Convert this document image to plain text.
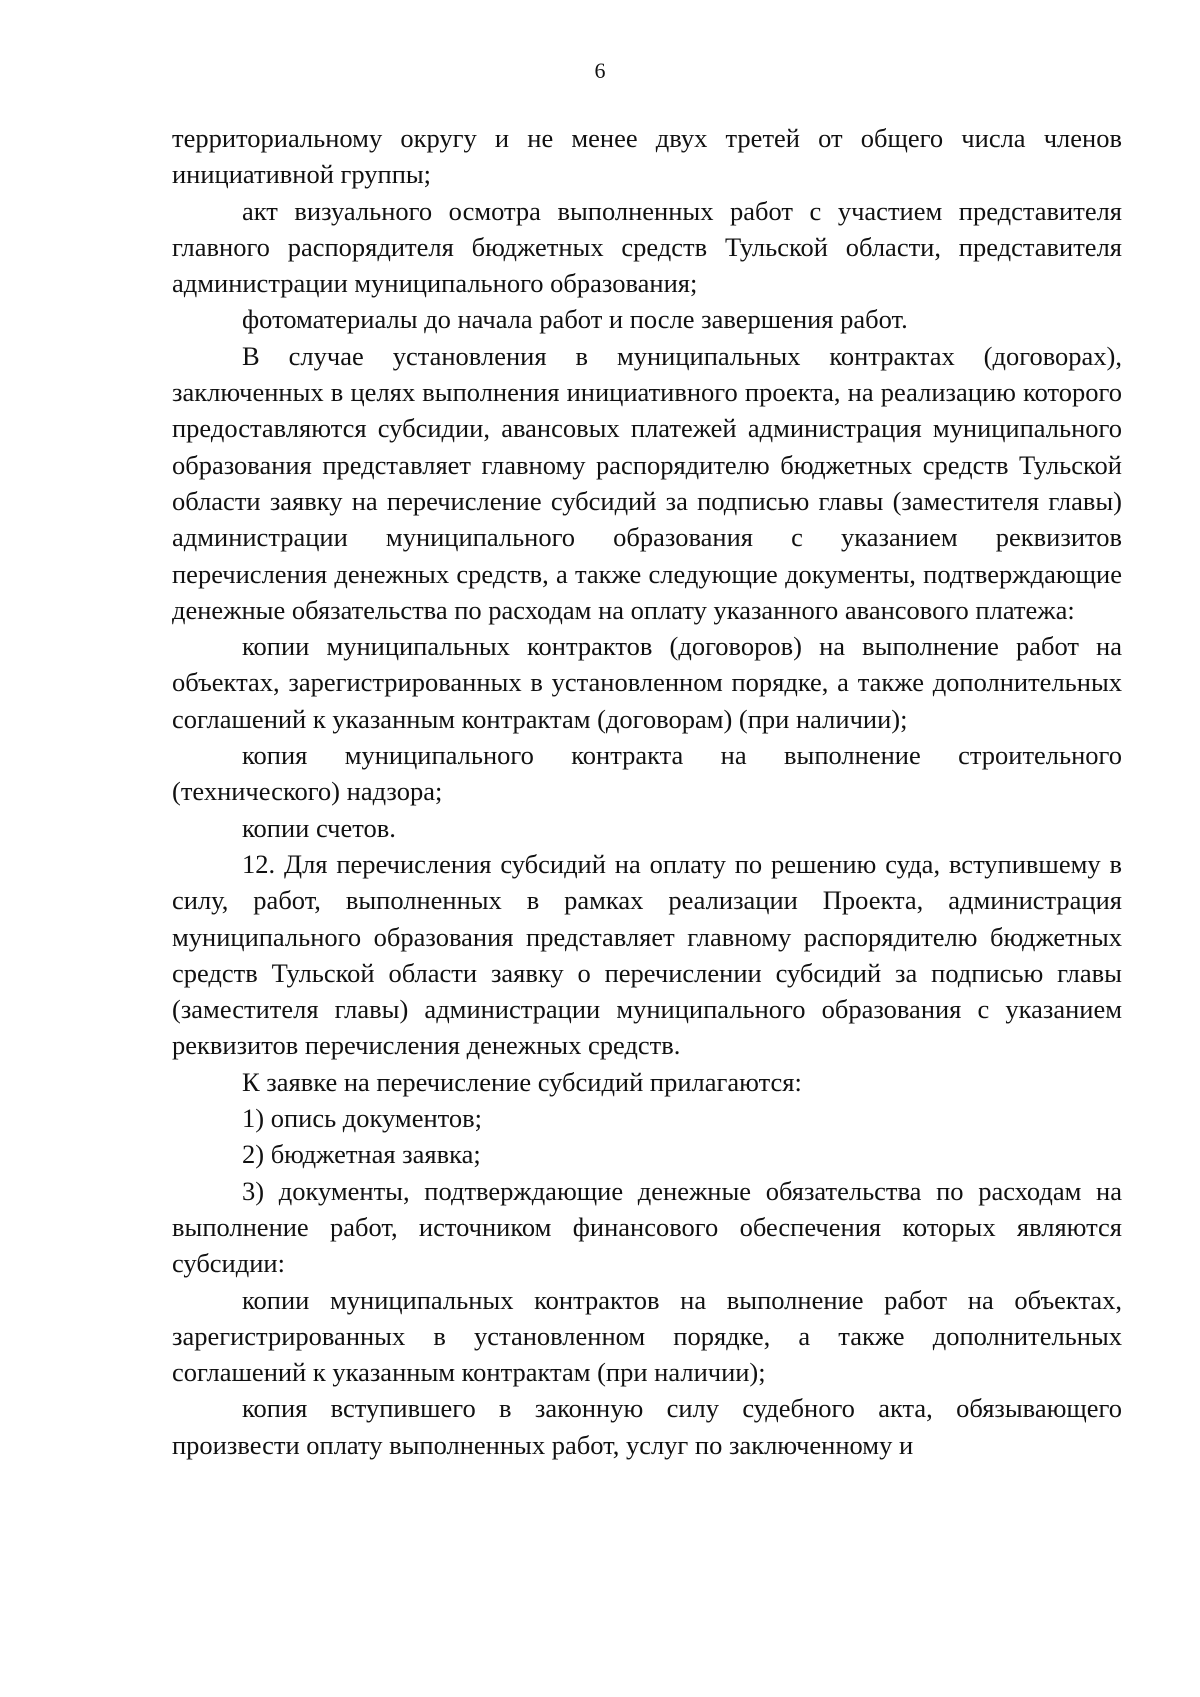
6

территориальному округу и не менее двух третей от общего числа членов инициативной группы;

акт визуального осмотра выполненных работ с участием представителя главного распорядителя бюджетных средств Тульской области, представителя администрации муниципального образования;

фотоматериалы до начала работ и после завершения работ.

В случае установления в муниципальных контрактах (договорах), заключенных в целях выполнения инициативного проекта, на реализацию которого предоставляются субсидии, авансовых платежей администрация муниципального образования представляет главному распорядителю бюджетных средств Тульской области заявку на перечисление субсидий за подписью главы (заместителя главы) администрации муниципального образования с указанием реквизитов перечисления денежных средств, а также следующие документы, подтверждающие денежные обязательства по расходам на оплату указанного авансового платежа:

копии муниципальных контрактов (договоров) на выполнение работ на объектах, зарегистрированных в установленном порядке, а также дополнительных соглашений к указанным контрактам (договорам) (при наличии);

копия муниципального контракта на выполнение строительного (технического) надзора;

копии счетов.

12. Для перечисления субсидий на оплату по решению суда, вступившему в силу, работ, выполненных в рамках реализации Проекта, администрация муниципального образования представляет главному распорядителю бюджетных средств Тульской области заявку о перечислении субсидий за подписью главы (заместителя главы) администрации муниципального образования с указанием реквизитов перечисления денежных средств.

К заявке на перечисление субсидий прилагаются:

1) опись документов;

2) бюджетная заявка;

3) документы, подтверждающие денежные обязательства по расходам на выполнение работ, источником финансового обеспечения которых являются субсидии:

копии муниципальных контрактов на выполнение работ на объектах, зарегистрированных в установленном порядке, а также дополнительных соглашений к указанным контрактам (при наличии);

копия вступившего в законную силу судебного акта, обязывающего произвести оплату выполненных работ, услуг по заключенному и
